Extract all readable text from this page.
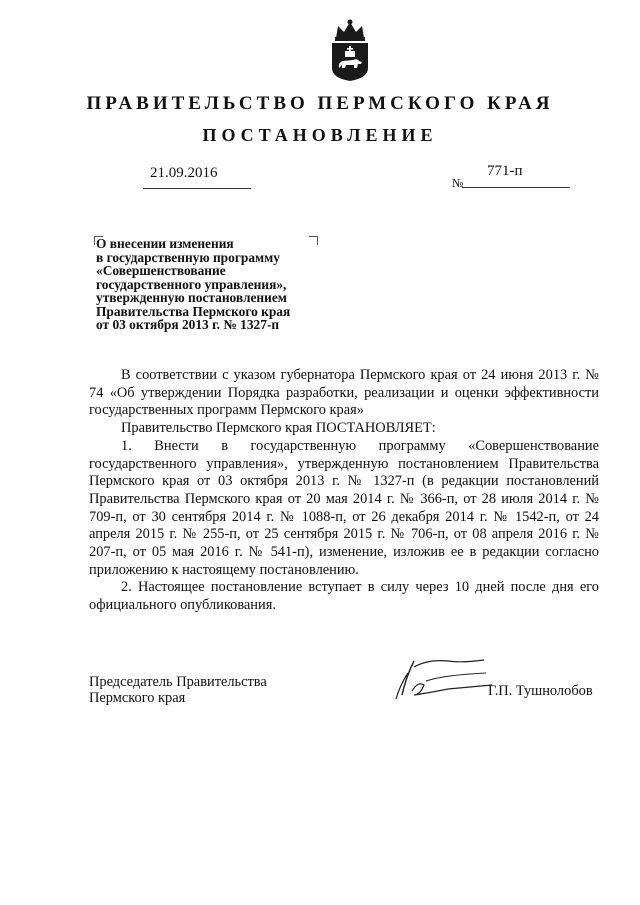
ПРАВИТЕЛЬСТВО ПЕРМСКОГО КРАЯ
ПОСТАНОВЛЕНИЕ
21.09.2016
№
771-п
О внесении изменения
в государственную программу
«Совершенствование
государственного управления»,
утвержденную постановлением
Правительства Пермского края
от 03 октября 2013 г. № 1327-п

В соответствии с указом губернатора Пермского края от 24 июня 2013 г. № 74 «Об утверждении Порядка разработки, реализации и оценки эффективности государственных программ Пермского края»

Правительство Пермского края ПОСТАНОВЛЯЕТ:

1. Внести в государственную программу «Совершенствование государственного управления», утвержденную постановлением Правительства Пермского края от 03 октября 2013 г. № 1327-п (в редакции постановлений Правительства Пермского края от 20 мая 2014 г. № 366-п, от 28 июля 2014 г. № 709-п, от 30 сентября 2014 г. № 1088-п, от 26 декабря 2014 г. № 1542-п, от 24 апреля 2015 г. № 255-п, от 25 сентября 2015 г. № 706-п, от 08 апреля 2016 г. № 207-п, от 05 мая 2016 г. № 541-п), изменение, изложив ее в редакции согласно приложению к настоящему постановлению.

2. Настоящее постановление вступает в силу через 10 дней после дня его официального опубликования.

Председатель Правительства
Пермского края	Г.П. Тушнолобов
